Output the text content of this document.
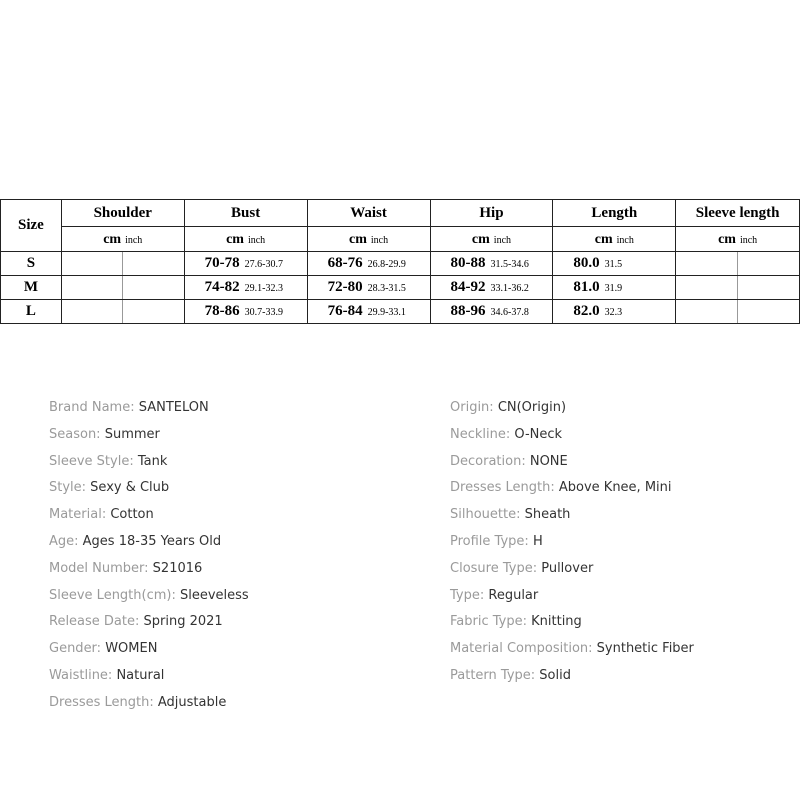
Size	Shoulder		Bust	Waist	Hip	Length	Sleeve length	
	cm inch		cm inch	cm inch	cm inch	cm inch	cm inch	
S			70-78 27.6-30.7	68-76 26.8-29.9	80-88 31.5-34.6	80.0 31.5		
M			74-82 29.1-32.3	72-80 28.3-31.5	84-92 33.1-36.2	81.0 31.9		
L			78-86 30.7-33.9	76-84 29.9-33.1	88-96 34.6-37.8	82.0 32.3		
Brand Name: SANTELON
Season: Summer
Sleeve Style: Tank
Style: Sexy & Club
Material: Cotton
Age: Ages 18-35 Years Old
Model Number: S21016
Sleeve Length(cm): Sleeveless
Release Date: Spring 2021
Gender: WOMEN
Waistline: Natural
Dresses Length: Adjustable
Origin: CN(Origin)
Neckline: O-Neck
Decoration: NONE
Dresses Length: Above Knee, Mini
Silhouette: Sheath
Profile Type: H
Closure Type: Pullover
Type: Regular
Fabric Type: Knitting
Material Composition: Synthetic Fiber
Pattern Type: Solid
